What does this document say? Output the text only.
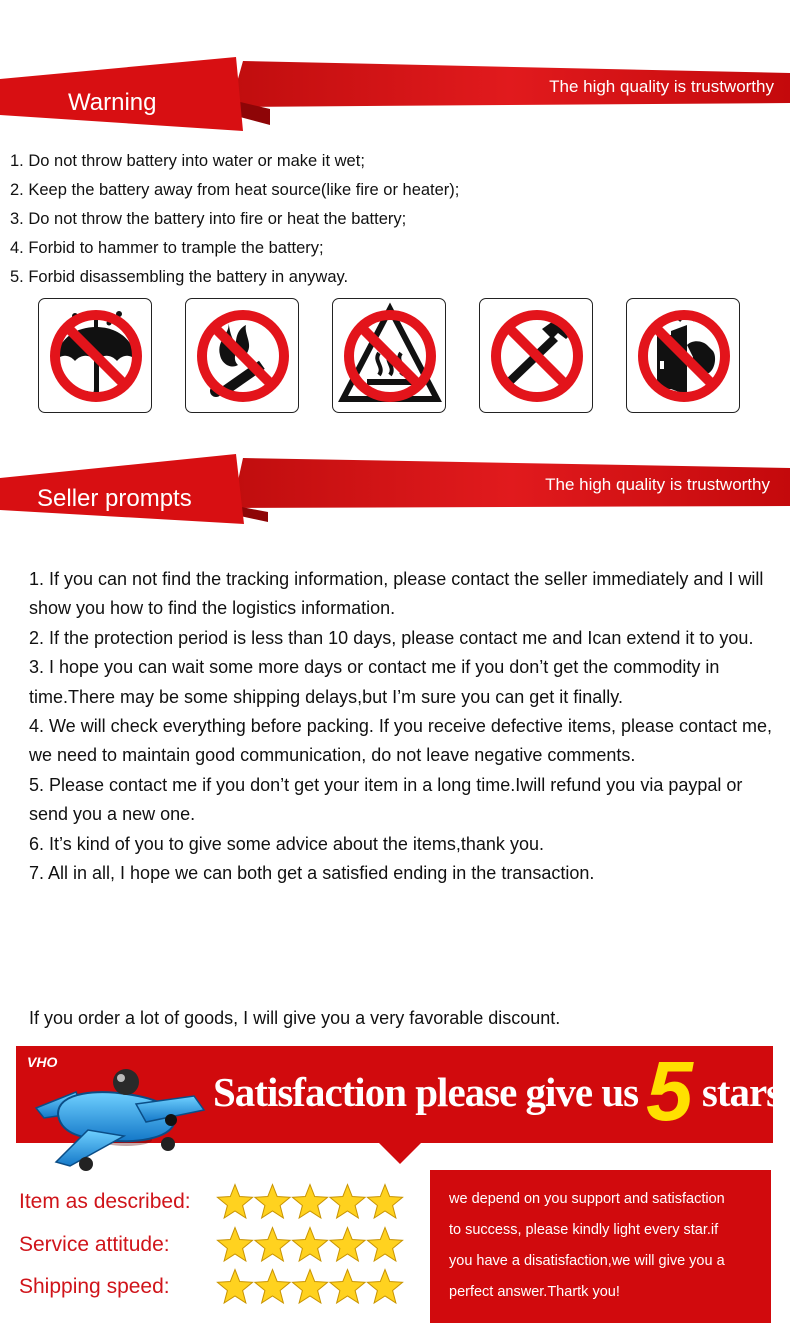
Warning
The high quality is trustworthy
1. Do not throw battery into water or make it wet;
2. Keep the battery away from heat source(like fire or heater);
3. Do not throw the battery into fire or heat the battery;
4. Forbid to hammer to trample the battery;
5. Forbid disassembling the battery in anyway.
Seller prompts
The high quality is trustworthy
1. If you can not find the tracking information, please contact the seller immediately and I will show you how to find the logistics information.
2. If the protection period is less than 10 days, please contact me and Ican extend it to you.
3. I hope you can wait some more days or contact me if you don’t get the commodity in time.There may be some shipping delays,but I’m sure you can get it finally.
4. We will check everything before packing. If you receive defective items, please contact me, we need to maintain good communication, do not leave negative comments.
5. Please contact me if you don’t get your item in a long time.Iwill refund you via paypal or send you a new one.
6. It’s kind of you to give some advice about the items,thank you.
7. All in all, I hope we can both get a satisfied ending in the transaction.

If you order a lot of goods, I will give you a very favorable discount.

VHO
Satisfaction please give us5 stars
Item as described:
Service attitude:
Shipping speed:
we depend on you support and satisfaction
to success, please kindly light every star.if
you have a disatisfaction,we will give you a
perfect answer.Thartk you!
